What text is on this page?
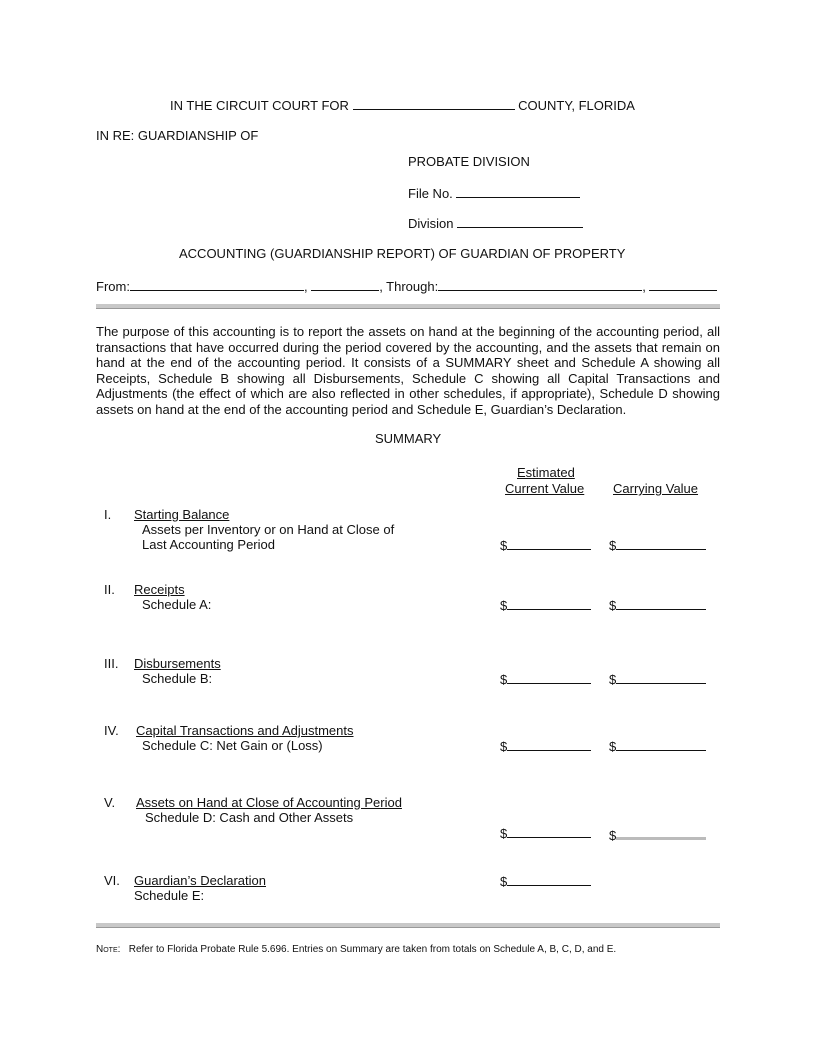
IN THE CIRCUIT COURT FOR	COUNTY, FLORIDA
IN RE: GUARDIANSHIP OF
PROBATE DIVISION
File No.
Division
ACCOUNTING (GUARDIANSHIP REPORT) OF GUARDIAN OF PROPERTY
From:	,	, Through:	,
The purpose of this accounting is to report the assets on hand at the beginning of the accounting period, all transactions that have occurred during the period covered by the accounting, and the assets that remain on hand at the end of the accounting period. It consists of a SUMMARY sheet and Schedule A showing all Receipts, Schedule B showing all Disbursements, Schedule C showing all Capital Transactions and Adjustments (the effect of which are also reflected in other schedules, if appropriate), Schedule D showing assets on hand at the end of the accounting period and Schedule E, Guardian’s Declaration.
SUMMARY
Estimated
Current Value Carrying Value
I. Starting Balance
Assets per Inventory or on Hand at Close of
Last Accounting Period	$	$
II. Receipts
Schedule A:	$	$
III. Disbursements
Schedule B:	$	$
IV. Capital Transactions and Adjustments
Schedule C: Net Gain or (Loss)	$	$
V. Assets on Hand at Close of Accounting Period
Schedule D: Cash and Other Assets
$	$
VI. Guardian’s Declaration
Schedule E:
$
Note: Refer to Florida Probate Rule 5.696. Entries on Summary are taken from totals on Schedule A, B, C, D, and E.
